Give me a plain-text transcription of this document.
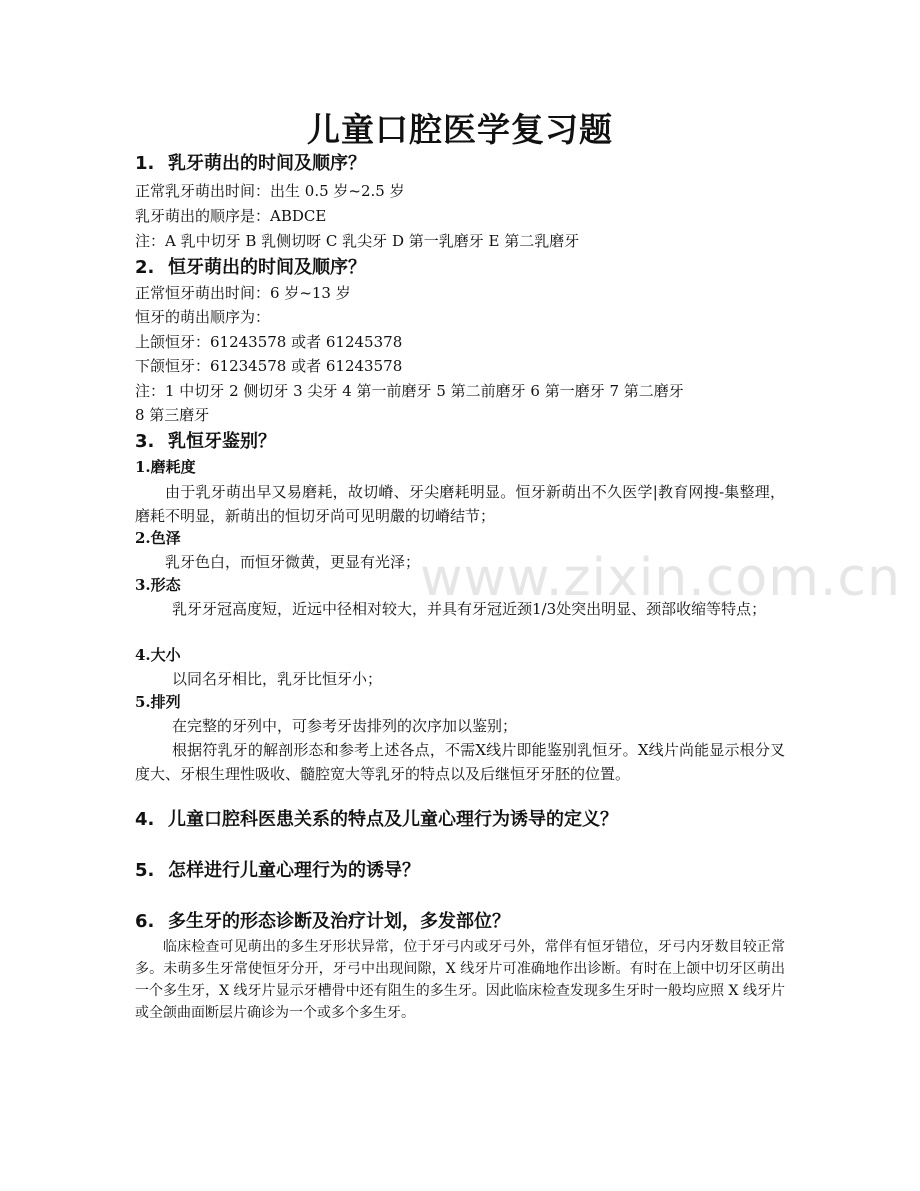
www.zixin.com.cn
儿童口腔医学复习题
1. 乳牙萌出的时间及顺序？
正常乳牙萌出时间：出生 0.5 岁~2.5 岁
乳牙萌出的顺序是：ABDCE
注：A 乳中切牙 B 乳侧切呀 C 乳尖牙 D 第一乳磨牙 E 第二乳磨牙
2. 恒牙萌出的时间及顺序？
正常恒牙萌出时间：6 岁~13 岁
恒牙的萌出顺序为：
上颌恒牙：61243578 或者 61245378
下颌恒牙：61234578 或者 61243578
注：1 中切牙 2 侧切牙 3 尖牙 4 第一前磨牙 5 第二前磨牙 6 第一磨牙 7 第二磨牙
8 第三磨牙
3. 乳恒牙鉴别？
1.磨耗度
由于乳牙萌出早又易磨耗，故切嵴、牙尖磨耗明显。恒牙新萌出不久医学|教育网搜-集整理，磨耗不明显，新萌出的恒切牙尚可见明嚴的切嵴结节；
2.色泽
乳牙色白，而恒牙微黄，更显有光泽；
3.形态
乳牙牙冠高度短，近远中径相对较大，并具有牙冠近颈1/3处突出明显、颈部收缩等特点；
4.大小
以同名牙相比，乳牙比恒牙小；
5.排列
在完整的牙列中，可参考牙齿排列的次序加以鉴别；
根据符乳牙的解剖形态和参考上述各点，不需X线片即能鉴别乳恒牙。X线片尚能显示根分叉度大、牙根生理性吸收、髓腔宽大等乳牙的特点以及后继恒牙牙胚的位置。
4. 儿童口腔科医患关系的特点及儿童心理行为诱导的定义？
5. 怎样进行儿童心理行为的诱导？
6. 多生牙的形态诊断及治疗计划，多发部位？
临床检查可见萌出的多生牙形状异常，位于牙弓内或牙弓外，常伴有恒牙错位，牙弓内牙数目较正常多。未萌多生牙常使恒牙分开，牙弓中出现间隙，X 线牙片可准确地作出诊断。有时在上颌中切牙区萌出一个多生牙，X 线牙片显示牙槽骨中还有阻生的多生牙。因此临床检查发现多生牙时一般均应照 X 线牙片或全颌曲面断层片确诊为一个或多个多生牙。
